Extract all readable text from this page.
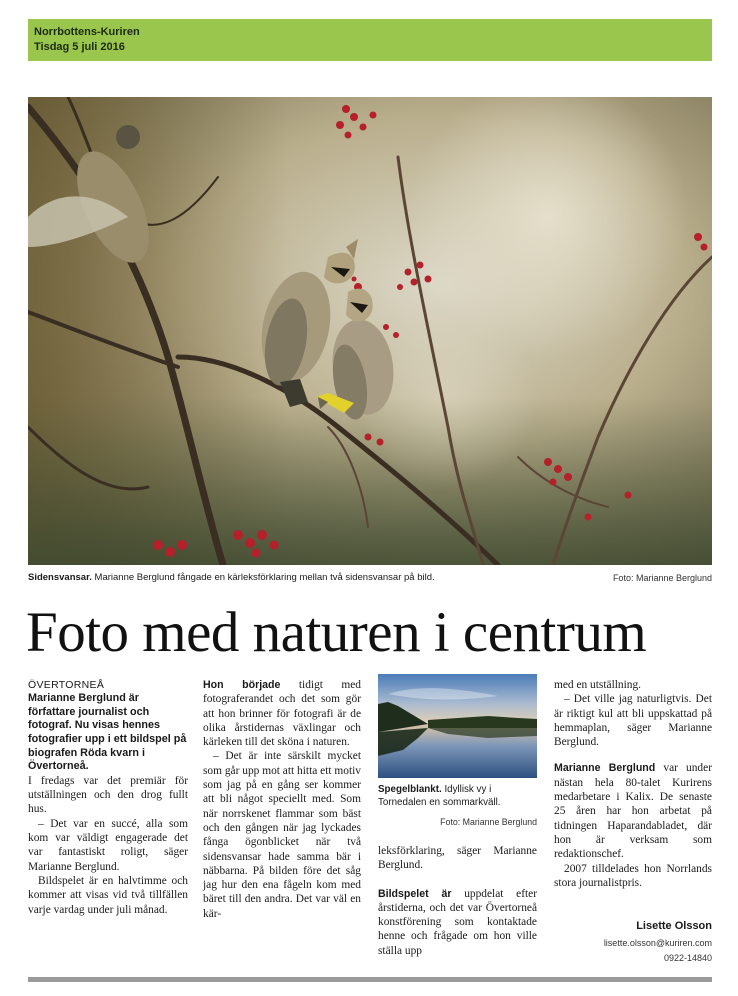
Norrbottens-Kuriren
Tisdag 5 juli 2016
Sidensvansar. Marianne Berglund fångade en kärleksförklaring mellan två sidensvansar på bild.	Foto: Marianne Berglund
Foto med naturen i centrum

ÖVERTORNEÅ

Marianne Berglund är författare journalist och fotograf. Nu visas hennes fotografier upp i ett bildspel på biografen Röda kvarn i Övertorneå.

I fredags var det premiär för utställningen och den drog fullt hus.

– Det var en succé, alla som kom var väldigt engagerade det var fantastiskt roligt, säger Marianne Berglund.

Bildspelet är en halvtimme och kommer att visas vid två tillfällen varje vardag under juli månad.

Hon började tidigt med fotograferandet och det som gör att hon brinner för fotografi är de olika årstidernas växlingar och kärleken till det sköna i naturen.

– Det är inte särskilt mycket som går upp mot att hitta ett motiv som jag på en gång ser kommer att bli något speciellt med. Som när norrskenet flammar som bäst och den gången när jag lyckades fånga ögonblicket när två sidensvansar hade samma bär i näbbarna. På bilden före det såg jag hur den ena fågeln kom med bäret till den andra. Det var väl en kär-

Spegelblankt. Idyllisk vy i Tornedalen en sommarkväll.
Foto: Marianne Berglund

leksförklaring, säger Marianne Berglund.

Bildspelet är uppdelat efter årstiderna, och det var Övertorneå konstförening som kontaktade henne och frågade om hon ville ställa upp

med en utställning.

– Det ville jag naturligtvis. Det är riktigt kul att bli uppskattad på hemmaplan, säger Marianne Berglund.

Marianne Berglund var under nästan hela 80-talet Kurirens medarbetare i Kalix. De senaste 25 åren har hon arbetat på tidningen Haparandabladet, där hon är verksam som redaktionschef.

2007 tilldelades hon Norrlands stora journalistpris.

Lisette Olsson
lisette.olsson@kuriren.com
0922-14840
